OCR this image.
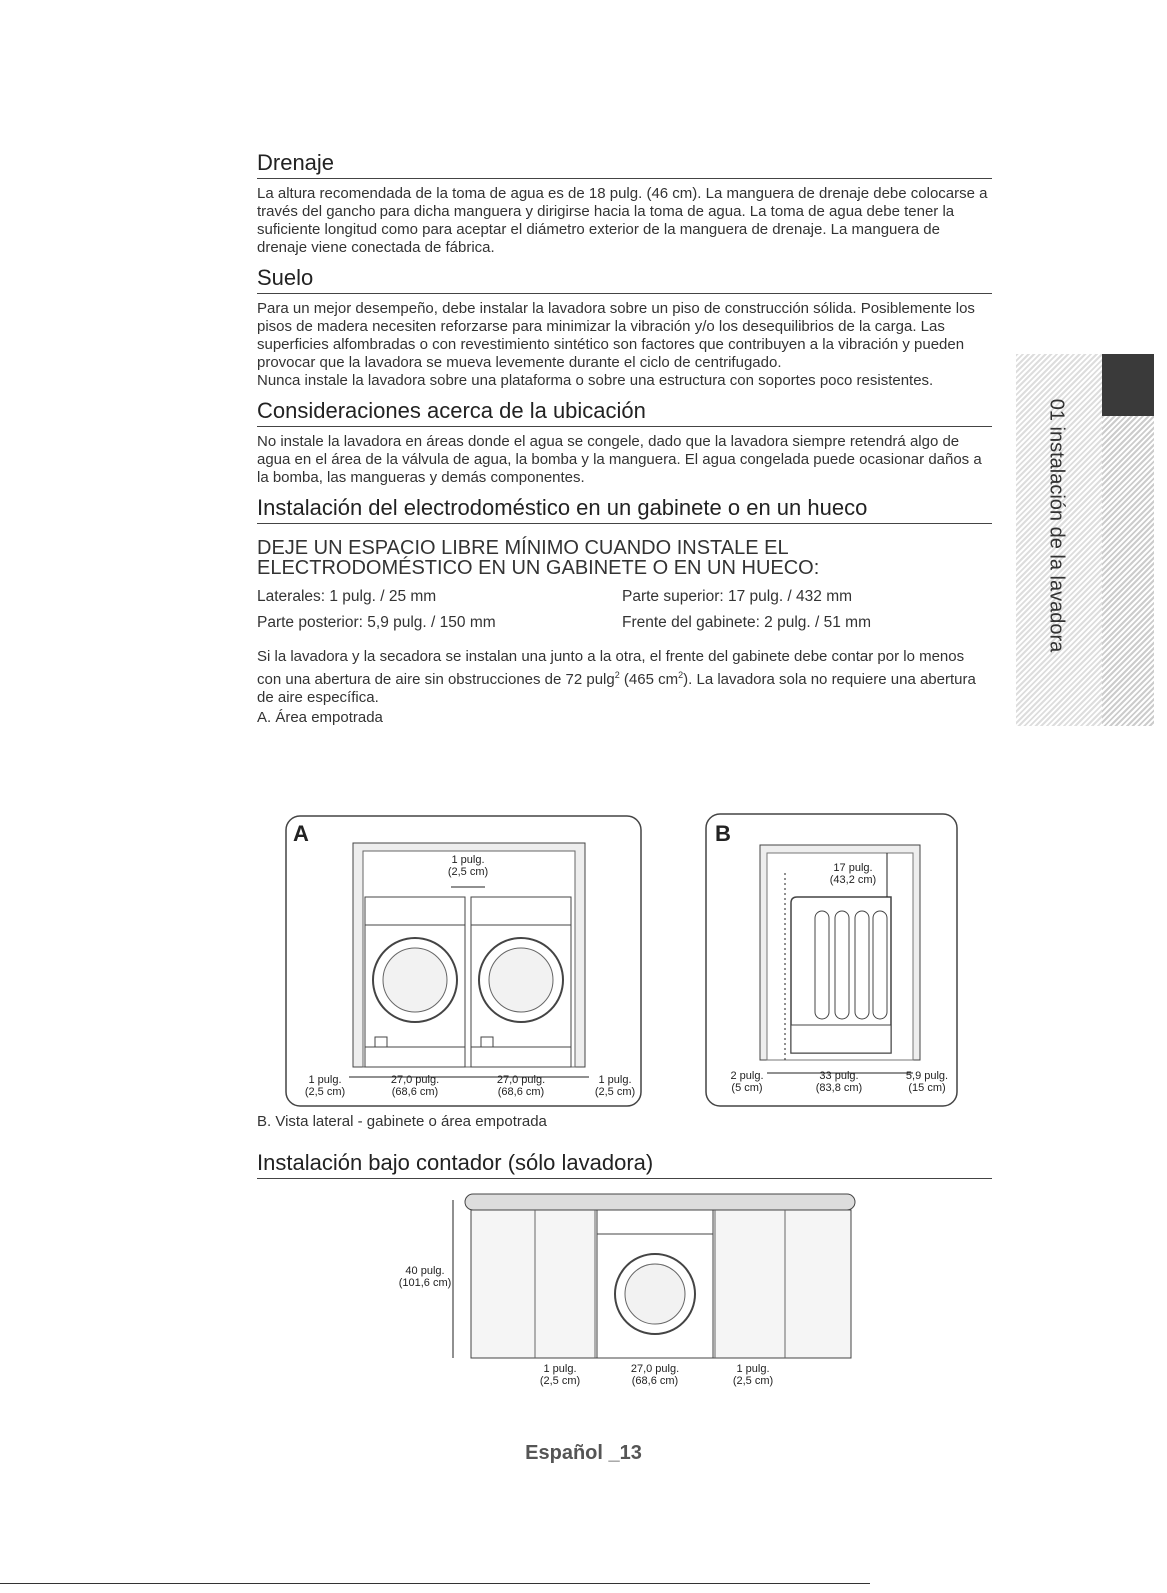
Drenaje

La altura recomendada de la toma de agua es de 18 pulg. (46 cm). La manguera de drenaje debe colocarse a través del gancho para dicha manguera y dirigirse hacia la toma de agua. La toma de agua debe tener la suficiente longitud como para aceptar el diámetro exterior de la manguera de drenaje. La manguera de drenaje viene conectada de fábrica.

Suelo

Para un mejor desempeño, debe instalar la lavadora sobre un piso de construcción sólida. Posiblemente los pisos de madera necesiten reforzarse para minimizar la vibración y/o los desequilibrios de la carga. Las superficies alfombradas o con revestimiento sintético son factores que contribuyen a la vibración y pueden provocar que la lavadora se mueva levemente durante el ciclo de centrifugado.

Nunca instale la lavadora sobre una plataforma o sobre una estructura con soportes poco resistentes.

Consideraciones acerca de la ubicación

No instale la lavadora en áreas donde el agua se congele, dado que la lavadora siempre retendrá algo de agua en el área de la válvula de agua, la bomba y la manguera. El agua congelada puede ocasionar daños a la bomba, las mangueras y demás componentes.

Instalación del electrodoméstico en un gabinete o en un hueco

DEJE UN ESPACIO LIBRE MÍNIMO CUANDO INSTALE EL ELECTRODOMÉSTICO EN UN GABINETE O EN UN HUECO:

Laterales: 1 pulg. / 25 mm	Parte superior: 17 pulg. / 432 mm
Parte posterior: 5,9 pulg. / 150 mm	Frente del gabinete: 2 pulg. / 51 mm

Si la lavadora y la secadora se instalan una junto a la otra, el frente del gabinete debe contar por lo menos con una abertura de aire sin obstrucciones de 72 pulg$^2$ (465 $cm^2$). La lavadora sola no requiere una abertura de aire específica.

A. Área empotrada

A
1 pulg.
(2,5 cm)
1 pulg.
(2,5 cm)
27,0 pulg.
(68,6 cm)
27,0 pulg.
(68,6 cm)
1 pulg.
(2,5 cm)
B
17 pulg.
(43,2 cm)
2 pulg.
(5 cm)
33 pulg.
(83,8 cm)
5,9 pulg.
(15 cm)

B. Vista lateral - gabinete o área empotrada

Instalación bajo contador (sólo lavadora)
40 pulg.
(101,6 cm)
1 pulg.
(2,5 cm)
27,0 pulg.
(68,6 cm)
1 pulg.
(2,5 cm)
01 instalación de la lavadora
Español _13
